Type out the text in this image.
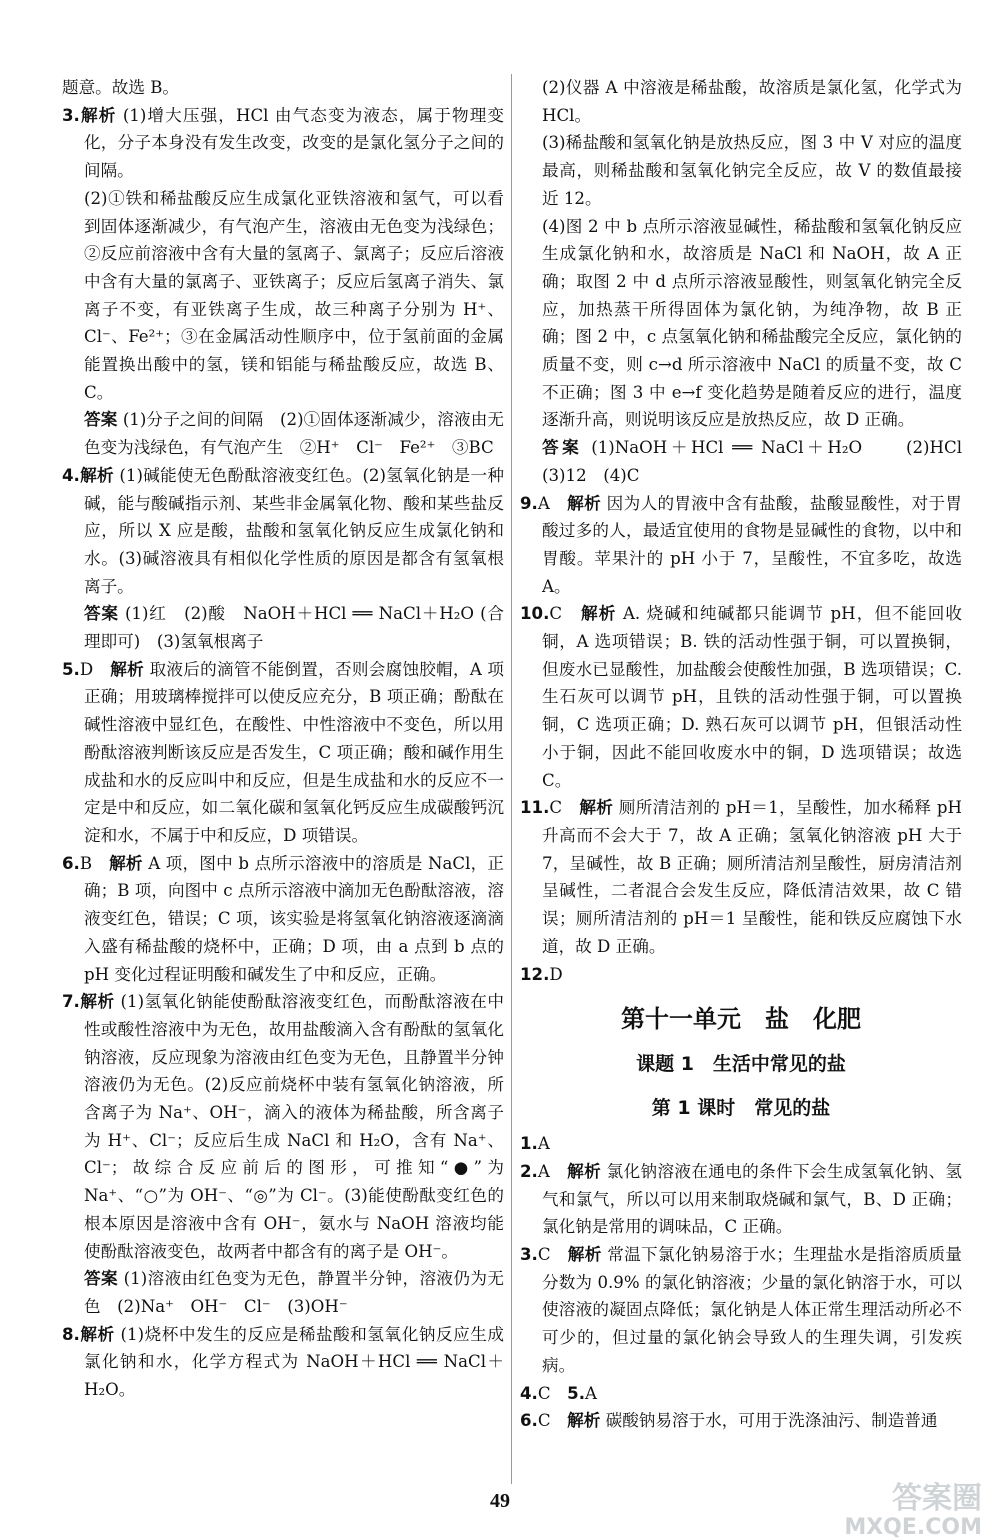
题意。故选 B。

3.解析 (1)增大压强，HCl 由气态变为液态，属于物理变化，分子本身没有发生改变，改变的是氯化氢分子之间的间隔。

(2)①铁和稀盐酸反应生成氯化亚铁溶液和氢气，可以看到固体逐渐减少，有气泡产生，溶液由无色变为浅绿色；②反应前溶液中含有大量的氢离子、氯离子；反应后溶液中含有大量的氯离子、亚铁离子；反应后氢离子消失、氯离子不变，有亚铁离子生成，故三种离子分别为 H⁺、Cl⁻、Fe²⁺；③在金属活动性顺序中，位于氢前面的金属能置换出酸中的氢，镁和铝能与稀盐酸反应，故选 B、C。

答案 (1)分子之间的间隔　(2)①固体逐渐减少，溶液由无色变为浅绿色，有气泡产生　②H⁺　Cl⁻　Fe²⁺　③BC

4.解析 (1)碱能使无色酚酞溶液变红色。(2)氢氧化钠是一种碱，能与酸碱指示剂、某些非金属氧化物、酸和某些盐反应，所以 X 应是酸，盐酸和氢氧化钠反应生成氯化钠和水。(3)碱溶液具有相似化学性质的原因是都含有氢氧根离子。

答案 (1)红　(2)酸　NaOH＋HCl ══ NaCl＋H₂O (合理即可)　(3)氢氧根离子

5.D　 解析 取液后的滴管不能倒置，否则会腐蚀胶帽，A 项正确；用玻璃棒搅拌可以使反应充分，B 项正确；酚酞在碱性溶液中显红色，在酸性、中性溶液中不变色，所以用酚酞溶液判断该反应是否发生，C 项正确；酸和碱作用生成盐和水的反应叫中和反应，但是生成盐和水的反应不一定是中和反应，如二氧化碳和氢氧化钙反应生成碳酸钙沉淀和水，不属于中和反应，D 项错误。

6.B　 解析 A 项，图中 b 点所示溶液中的溶质是 NaCl，正确；B 项，向图中 c 点所示溶液中滴加无色酚酞溶液，溶液变红色，错误；C 项，该实验是将氢氧化钠溶液逐滴滴入盛有稀盐酸的烧杯中，正确；D 项，由 a 点到 b 点的 pH 变化过程证明酸和碱发生了中和反应，正确。

7.解析 (1)氢氧化钠能使酚酞溶液变红色，而酚酞溶液在中性或酸性溶液中为无色，故用盐酸滴入含有酚酞的氢氧化钠溶液，反应现象为溶液由红色变为无色，且静置半分钟溶液仍为无色。(2)反应前烧杯中装有氢氧化钠溶液，所含离子为 Na⁺、OH⁻，滴入的液体为稀盐酸，所含离子为 H⁺、Cl⁻；反应后生成 NaCl 和 H₂O，含有 Na⁺、Cl⁻；故综合反应前后的图形，可推知“●”为 Na⁺、“○”为 OH⁻、“◎”为 Cl⁻。(3)能使酚酞变红色的根本原因是溶液中含有 OH⁻，氨水与 NaOH 溶液均能使酚酞溶液变色，故两者中都含有的离子是 OH⁻。

答案 (1)溶液由红色变为无色，静置半分钟，溶液仍为无色　(2)Na⁺　OH⁻　Cl⁻　(3)OH⁻

8.解析 (1)烧杯中发生的反应是稀盐酸和氢氧化钠反应生成氯化钠和水，化学方程式为 NaOH＋HCl ══ NaCl＋H₂O。

(2)仪器 A 中溶液是稀盐酸，故溶质是氯化氢，化学式为 HCl。

(3)稀盐酸和氢氧化钠是放热反应，图 3 中 V 对应的温度最高，则稀盐酸和氢氧化钠完全反应，故 V 的数值最接近 12。

(4)图 2 中 b 点所示溶液显碱性，稀盐酸和氢氧化钠反应生成氯化钠和水，故溶质是 NaCl 和 NaOH，故 A 正确；取图 2 中 d 点所示溶液显酸性，则氢氧化钠完全反应，加热蒸干所得固体为氯化钠，为纯净物，故 B 正确；图 2 中，c 点氢氧化钠和稀盐酸完全反应，氯化钠的质量不变，则 c→d 所示溶液中 NaCl 的质量不变，故 C 不正确；图 3 中 e→f 变化趋势是随着反应的进行，温度逐渐升高，则说明该反应是放热反应，故 D 正确。

答案 (1)NaOH＋HCl ══ NaCl＋H₂O　　(2)HCl　(3)12　(4)C

9.A　 解析 因为人的胃液中含有盐酸，盐酸显酸性，对于胃酸过多的人，最适宜使用的食物是显碱性的食物，以中和胃酸。苹果汁的 pH 小于 7，呈酸性，不宜多吃，故选 A。

10.C　 解析 A. 烧碱和纯碱都只能调节 pH，但不能回收铜，A 选项错误；B. 铁的活动性强于铜，可以置换铜，但废水已显酸性，加盐酸会使酸性加强，B 选项错误；C. 生石灰可以调节 pH，且铁的活动性强于铜，可以置换铜，C 选项正确；D. 熟石灰可以调节 pH，但银活动性小于铜，因此不能回收废水中的铜，D 选项错误；故选 C。

11.C　 解析 厕所清洁剂的 pH＝1，呈酸性，加水稀释 pH 升高而不会大于 7，故 A 正确；氢氧化钠溶液 pH 大于 7，呈碱性，故 B 正确；厕所清洁剂呈酸性，厨房清洁剂呈碱性，二者混合会发生反应，降低清洁效果，故 C 错误；厕所清洁剂的 pH＝1 呈酸性，能和铁反应腐蚀下水道，故 D 正确。

12.D

第十一单元　盐　化肥
课题 1　生活中常见的盐
第 1 课时　常见的盐

1.A

2.A　 解析 氯化钠溶液在通电的条件下会生成氢氧化钠、氢气和氯气，所以可以用来制取烧碱和氯气，B、D 正确；氯化钠是常用的调味品，C 正确。

3.C　 解析 常温下氯化钠易溶于水；生理盐水是指溶质质量分数为 0.9% 的氯化钠溶液；少量的氯化钠溶于水，可以使溶液的凝固点降低；氯化钠是人体正常生理活动所必不可少的，但过量的氯化钠会导致人的生理失调，引发疾病。

4.C　 5.A

6.C　 解析 碳酸钠易溶于水，可用于洗涤油污、制造普通

49	答案圈
MXQE.COM
